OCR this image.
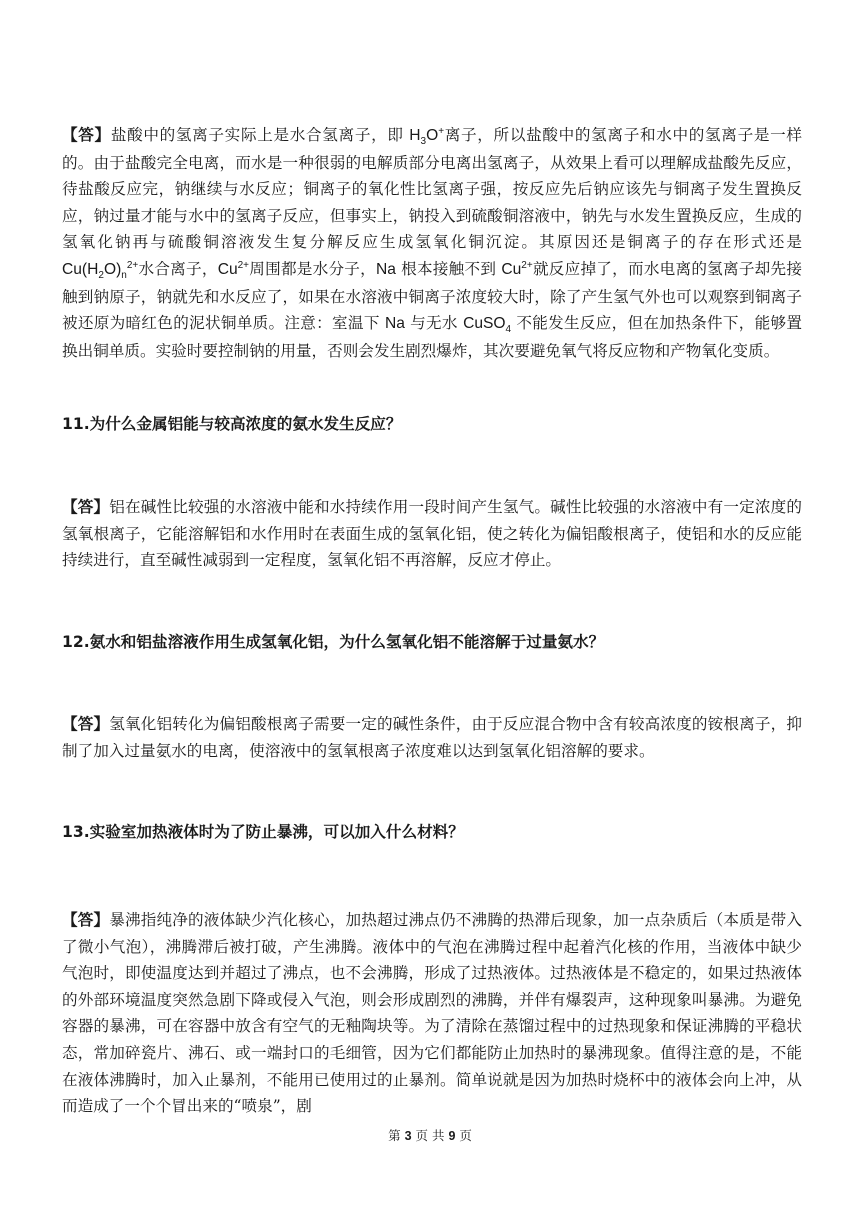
【答】盐酸中的氢离子实际上是水合氢离子，即 $H_3O^+$离子，所以盐酸中的氢离子和水中的氢离子是一样的。由于盐酸完全电离，而水是一种很弱的电解质部分电离出氢离子，从效果上看可以理解成盐酸先反应，待盐酸反应完，钠继续与水反应；铜离子的氧化性比氢离子强，按反应先后钠应该先与铜离子发生置换反应，钠过量才能与水中的氢离子反应，但事实上，钠投入到硫酸铜溶液中，钠先与水发生置换反应，生成的氢氧化钠再与硫酸铜溶液发生复分解反应生成氢氧化铜沉淀。其原因还是铜离子的存在形式还是 $Cu(H_2O)_n^{2+}$水合离子，$Cu^{2+}$周围都是水分子，Na 根本接触不到 $Cu^{2+}$就反应掉了，而水电离的氢离子却先接触到钠原子，钠就先和水反应了，如果在水溶液中铜离子浓度较大时，除了产生氢气外也可以观察到铜离子被还原为暗红色的泥状铜单质。注意：室温下 Na 与无水 CuSO$_4$ 不能发生反应，但在加热条件下，能够置换出铜单质。实验时要控制钠的用量，否则会发生剧烈爆炸，其次要避免氧气将反应物和产物氧化变质。

11.为什么金属铝能与较高浓度的氨水发生反应？

【答】铝在碱性比较强的水溶液中能和水持续作用一段时间产生氢气。碱性比较强的水溶液中有一定浓度的氢氧根离子，它能溶解铝和水作用时在表面生成的氢氧化铝，使之转化为偏铝酸根离子，使铝和水的反应能持续进行，直至碱性减弱到一定程度，氢氧化铝不再溶解，反应才停止。

12.氨水和铝盐溶液作用生成氢氧化铝，为什么氢氧化铝不能溶解于过量氨水？

【答】氢氧化铝转化为偏铝酸根离子需要一定的碱性条件，由于反应混合物中含有较高浓度的铵根离子，抑制了加入过量氨水的电离，使溶液中的氢氧根离子浓度难以达到氢氧化铝溶解的要求。

13.实验室加热液体时为了防止暴沸，可以加入什么材料？

【答】暴沸指纯净的液体缺少汽化核心，加热超过沸点仍不沸腾的热滞后现象，加一点杂质后（本质是带入了微小气泡），沸腾滞后被打破，产生沸腾。液体中的气泡在沸腾过程中起着汽化核的作用，当液体中缺少气泡时，即使温度达到并超过了沸点，也不会沸腾，形成了过热液体。过热液体是不稳定的，如果过热液体的外部环境温度突然急剧下降或侵入气泡，则会形成剧烈的沸腾，并伴有爆裂声，这种现象叫暴沸。为避免容器的暴沸，可在容器中放含有空气的无釉陶块等。为了清除在蒸馏过程中的过热现象和保证沸腾的平稳状态，常加碎瓷片、沸石、或一端封口的毛细管，因为它们都能防止加热时的暴沸现象。值得注意的是，不能在液体沸腾时，加入止暴剂，不能用已使用过的止暴剂。简单说就是因为加热时烧杯中的液体会向上冲，从而造成了一个个冒出来的“喷泉”，剧

第 3 页 共 9 页
